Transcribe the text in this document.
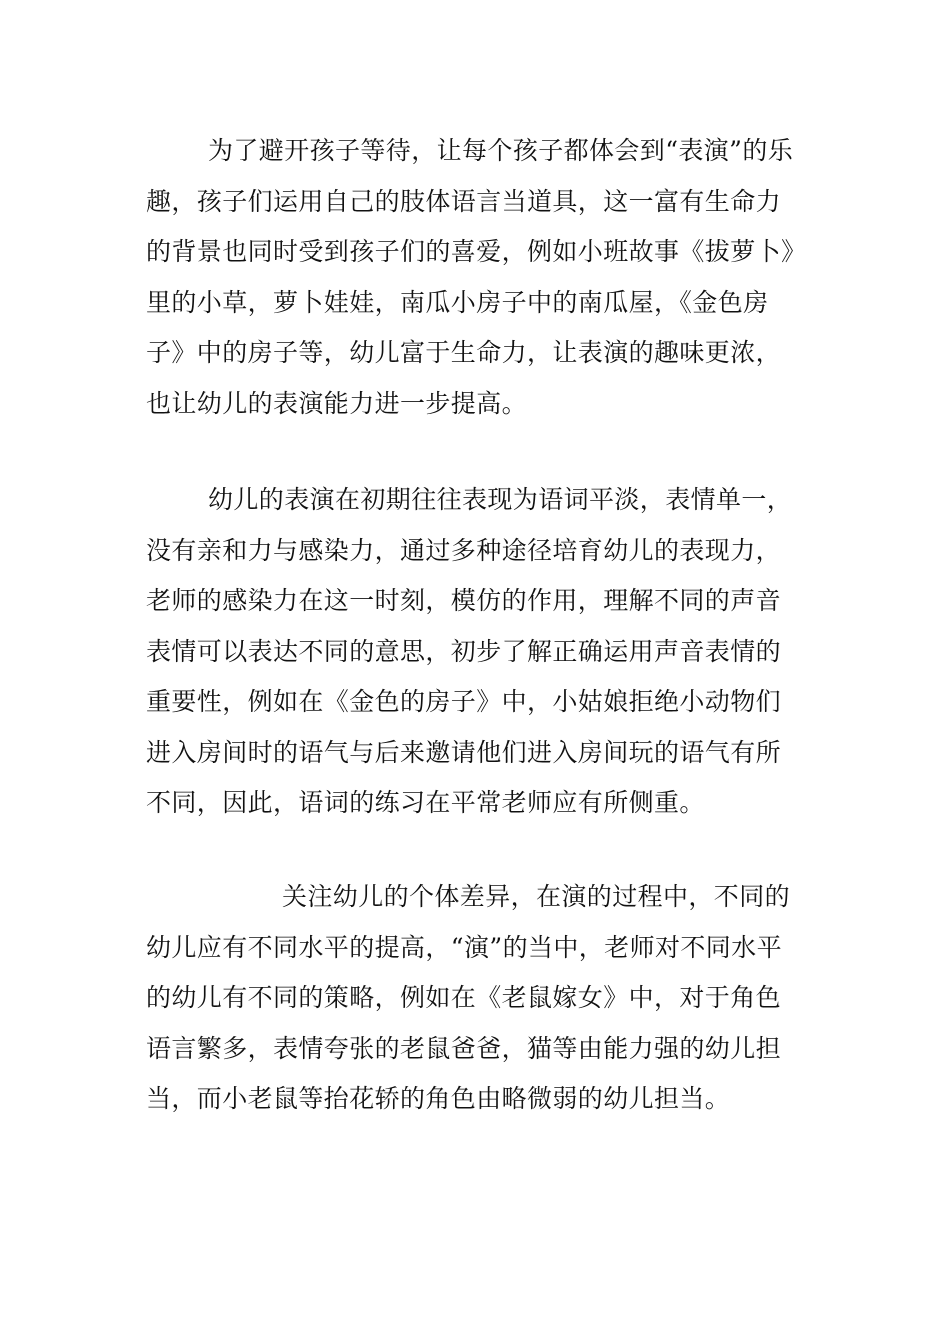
为了避开孩子等待，让每个孩子都体会到“表演”的乐趣，孩子们运用自己的肢体语言当道具，这一富有生命力的背景也同时受到孩子们的喜爱，例如小班故事《拔萝卜》里的小草，萝卜娃娃，南瓜小房子中的南瓜屋，《金色房子》中的房子等，幼儿富于生命力，让表演的趣味更浓，也让幼儿的表演能力进一步提高。

幼儿的表演在初期往往表现为语词平淡，表情单一，没有亲和力与感染力，通过多种途径培育幼儿的表现力，老师的感染力在这一时刻，模仿的作用，理解不同的声音表情可以表达不同的意思，初步了解正确运用声音表情的重要性，例如在《金色的房子》中，小姑娘拒绝小动物们进入房间时的语气与后来邀请他们进入房间玩的语气有所不同，因此，语词的练习在平常老师应有所侧重。

关注幼儿的个体差异，在演的过程中，不同的幼儿应有不同水平的提高，“演”的当中，老师对不同水平的幼儿有不同的策略，例如在《老鼠嫁女》中，对于角色语言繁多，表情夸张的老鼠爸爸，猫等由能力强的幼儿担当，而小老鼠等抬花轿的角色由略微弱的幼儿担当。
